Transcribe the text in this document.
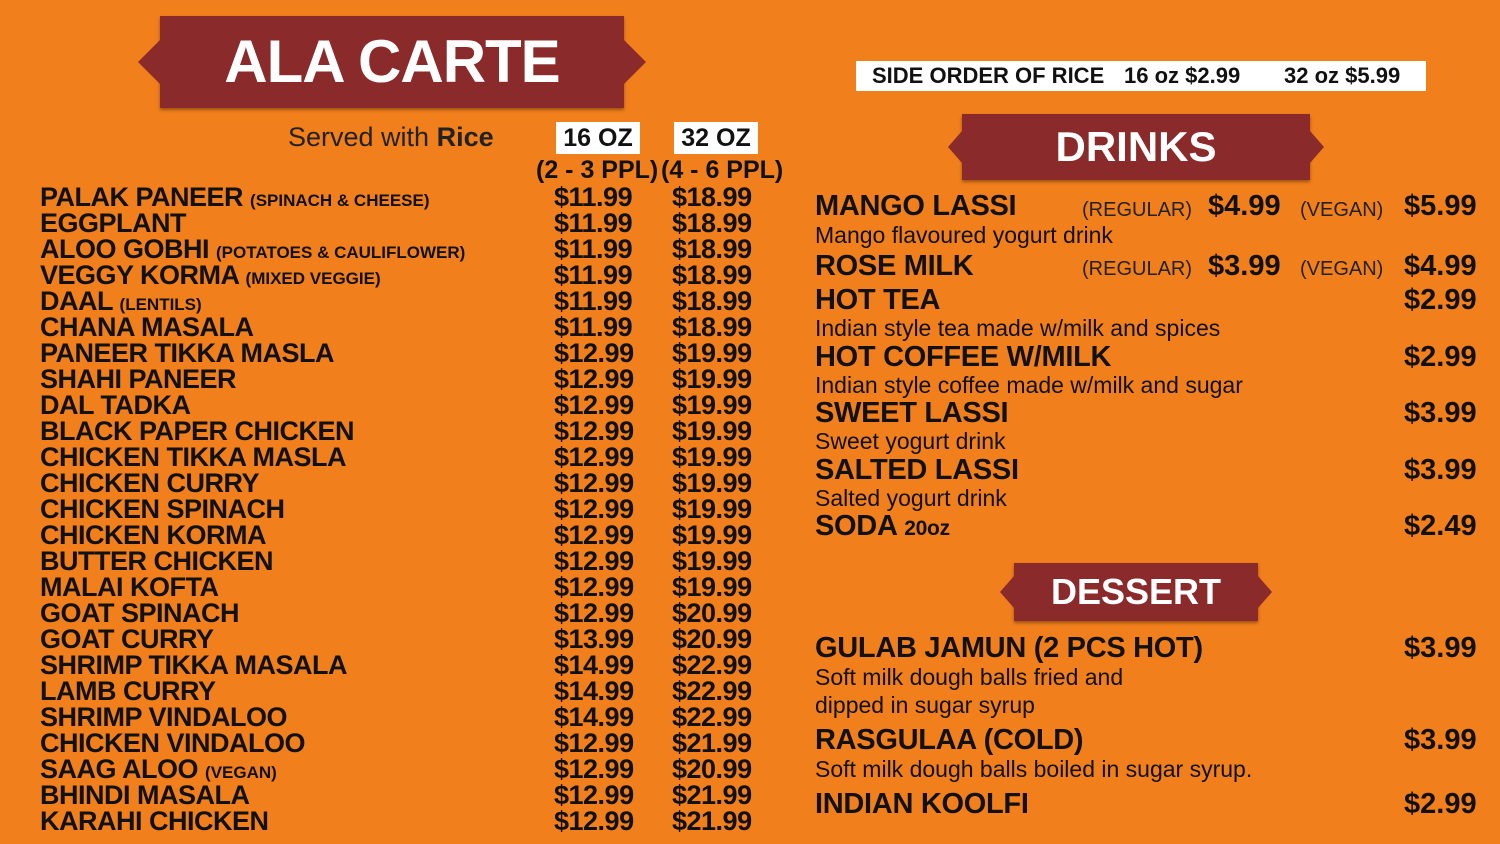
ALA CARTE
Served with Rice	16 OZ 32 OZ
(2 - 3 PPL) (4 - 6 PPL)
PALAK PANEER (SPINACH & CHEESE)	$11.99 $18.99
EGGPLANT	$11.99 $18.99
ALOO GOBHI (POTATOES & CAULIFLOWER)	$11.99 $18.99
VEGGY KORMA (MIXED VEGGIE)	$11.99 $18.99
DAAL (LENTILS)	$11.99 $18.99
CHANA MASALA	$11.99 $18.99
PANEER TIKKA MASLA	$12.99 $19.99
SHAHI PANEER	$12.99 $19.99
DAL TADKA	$12.99 $19.99
BLACK PAPER CHICKEN	$12.99 $19.99
CHICKEN TIKKA MASLA	$12.99 $19.99
CHICKEN CURRY	$12.99 $19.99
CHICKEN SPINACH	$12.99 $19.99
CHICKEN KORMA	$12.99 $19.99
BUTTER CHICKEN	$12.99 $19.99
MALAI KOFTA	$12.99 $19.99
GOAT SPINACH	$12.99 $20.99
GOAT CURRY	$13.99 $20.99
SHRIMP TIKKA MASALA	$14.99 $22.99
LAMB CURRY	$14.99 $22.99
SHRIMP VINDALOO	$14.99 $22.99
CHICKEN VINDALOO	$12.99 $21.99
SAAG ALOO (VEGAN)	$12.99 $20.99
BHINDI MASALA	$12.99 $21.99
KARAHI CHICKEN	$12.99 $21.99
SIDE ORDER OF RICE 16 oz $2.99 32 oz $5.99
DRINKS
MANGO LASSI	(REGULAR) $4.99 (VEGAN) $5.99
Mango flavoured yogurt drink
ROSE MILK	(REGULAR) $3.99 (VEGAN) $4.99
HOT TEA	$2.99
Indian style tea made w/milk and spices
HOT COFFEE W/MILK	$2.99
Indian style coffee made w/milk and sugar
SWEET LASSI	$3.99
Sweet yogurt drink
SALTED LASSI	$3.99
Salted yogurt drink
SODA 20oz	$2.49
DESSERT
GULAB JAMUN (2 PCS HOT)	$3.99
Soft milk dough balls fried and
dipped in sugar syrup
RASGULAA (COLD)	$3.99
Soft milk dough balls boiled in sugar syrup.
INDIAN KOOLFI	$2.99
